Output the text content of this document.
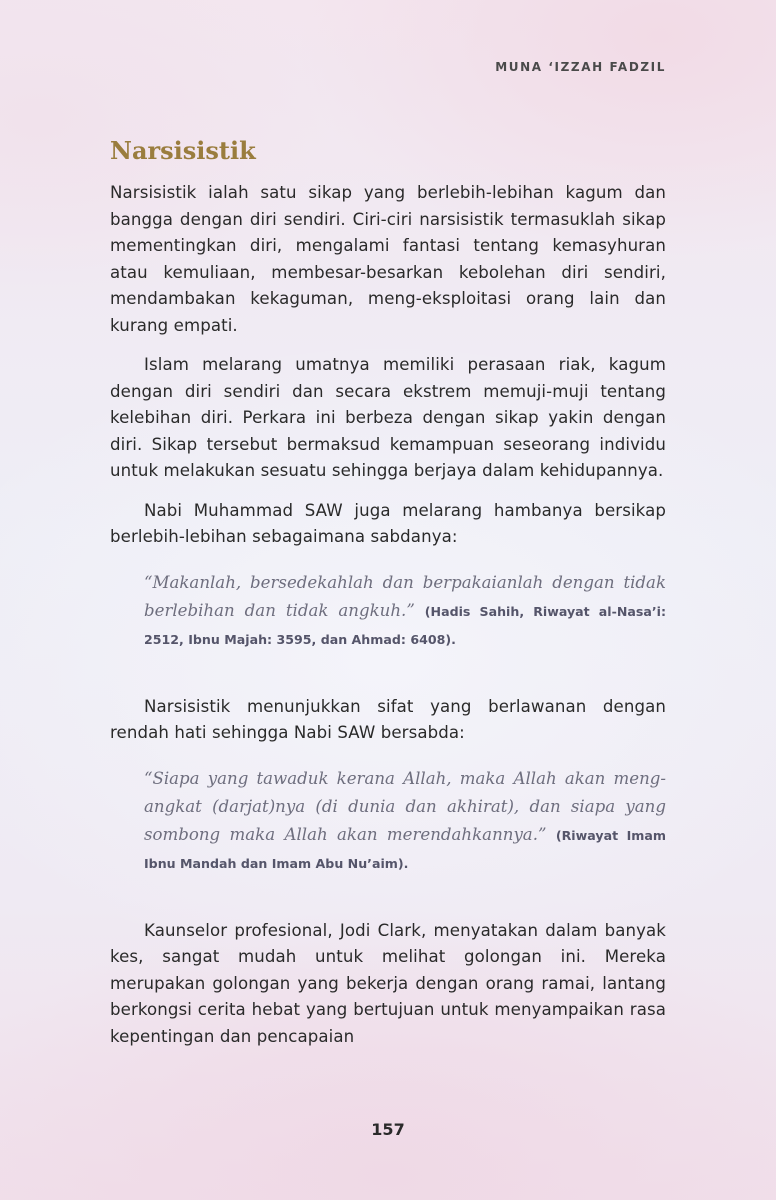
MUNA ‘IZZAH FADZIL
Narsisistik

Narsisistik ialah satu sikap yang berlebih-lebihan kagum dan bangga dengan diri sendiri. Ciri-ciri narsisistik termasuklah sikap mementingkan diri, mengalami fantasi tentang kemasyhuran atau kemuliaan, membesar-besarkan kebolehan diri sendiri, mendambakan kekaguman, meng-eksploitasi orang lain dan kurang empati.

Islam melarang umatnya memiliki perasaan riak, kagum dengan diri sendiri dan secara ekstrem memuji-muji tentang kelebihan diri. Perkara ini berbeza dengan sikap yakin dengan diri. Sikap tersebut bermaksud kemampuan seseorang individu untuk melakukan sesuatu sehingga berjaya dalam kehidupannya.

Nabi Muhammad SAW juga melarang hambanya bersikap berlebih-lebihan sebagaimana sabdanya:

“Makanlah, bersedekahlah dan berpakaianlah dengan tidak berlebihan dan tidak angkuh.” (Hadis Sahih, Riwayat al-Nasa’i: 2512, Ibnu Majah: 3595, dan Ahmad: 6408).

Narsisistik menunjukkan sifat yang berlawanan dengan rendah hati sehingga Nabi SAW bersabda:

“Siapa yang tawaduk kerana Allah, maka Allah akan meng-angkat (darjat)nya (di dunia dan akhirat), dan siapa yang sombong maka Allah akan merendahkannya.” (Riwayat Imam Ibnu Mandah dan Imam Abu Nu’aim).

Kaunselor profesional, Jodi Clark, menyatakan dalam banyak kes, sangat mudah untuk melihat golongan ini. Mereka merupakan golongan yang bekerja dengan orang ramai, lantang berkongsi cerita hebat yang bertujuan untuk menyampaikan rasa kepentingan dan pencapaian

157
